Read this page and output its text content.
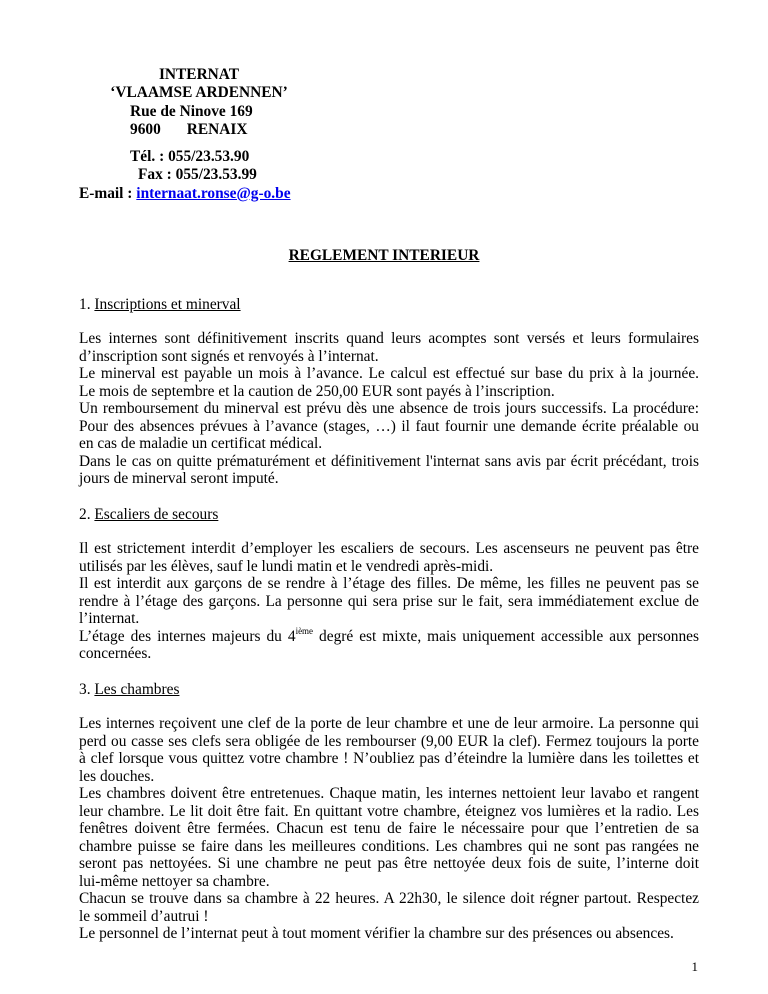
INTERNAT
‘VLAAMSE ARDENNEN’
Rue de Ninove 169
9600 RENAIX
Tél. : 055/23.53.90
Fax : 055/23.53.99
E-mail : internaat.ronse@g-o.be
REGLEMENT INTERIEUR
1. Inscriptions et minerval

Les internes sont définitivement inscrits quand leurs acomptes sont versés et leurs formulaires

d’inscription sont signés et renvoyés à l’internat.

Le minerval est payable un mois à l’avance. Le calcul est effectué sur base du prix à la journée.

Le mois de septembre et la caution de 250,00 EUR sont payés à l’inscription.

Un remboursement du minerval est prévu dès une absence de trois jours successifs. La procédure:

Pour des absences prévues à l’avance (stages, …) il faut fournir une demande écrite préalable ou

en cas de maladie un certificat médical.

Dans le cas on quitte prématurément et définitivement l'internat sans avis par écrit précédant, trois

jours de minerval seront imputé.

2. Escaliers de secours

Il est strictement interdit d’employer les escaliers de secours. Les ascenseurs ne peuvent pas être

utilisés par les élèves, sauf le lundi matin et le vendredi après-midi.

Il est interdit aux garçons de se rendre à l’étage des filles. De même, les filles ne peuvent pas se

rendre à l’étage des garçons. La personne qui sera prise sur le fait, sera immédiatement exclue de

l’internat.

L’étage des internes majeurs du 4ième degré est mixte, mais uniquement accessible aux personnes

concernées.

3. Les chambres

Les internes reçoivent une clef de la porte de leur chambre et une de leur armoire. La personne qui

perd ou casse ses clefs sera obligée de les rembourser (9,00 EUR la clef). Fermez toujours la porte

à clef lorsque vous quittez votre chambre ! N’oubliez pas d’éteindre la lumière dans les toilettes et

les douches.

Les chambres doivent être entretenues. Chaque matin, les internes nettoient leur lavabo et rangent

leur chambre. Le lit doit être fait. En quittant votre chambre, éteignez vos lumières et la radio. Les

fenêtres doivent être fermées. Chacun est tenu de faire le nécessaire pour que l’entretien de sa

chambre puisse se faire dans les meilleures conditions. Les chambres qui ne sont pas rangées ne

seront pas nettoyées. Si une chambre ne peut pas être nettoyée deux fois de suite, l’interne doit

lui-même nettoyer sa chambre.

Chacun se trouve dans sa chambre à 22 heures. A 22h30, le silence doit régner partout. Respectez

le sommeil d’autrui !

Le personnel de l’internat peut à tout moment vérifier la chambre sur des présences ou absences.

1
